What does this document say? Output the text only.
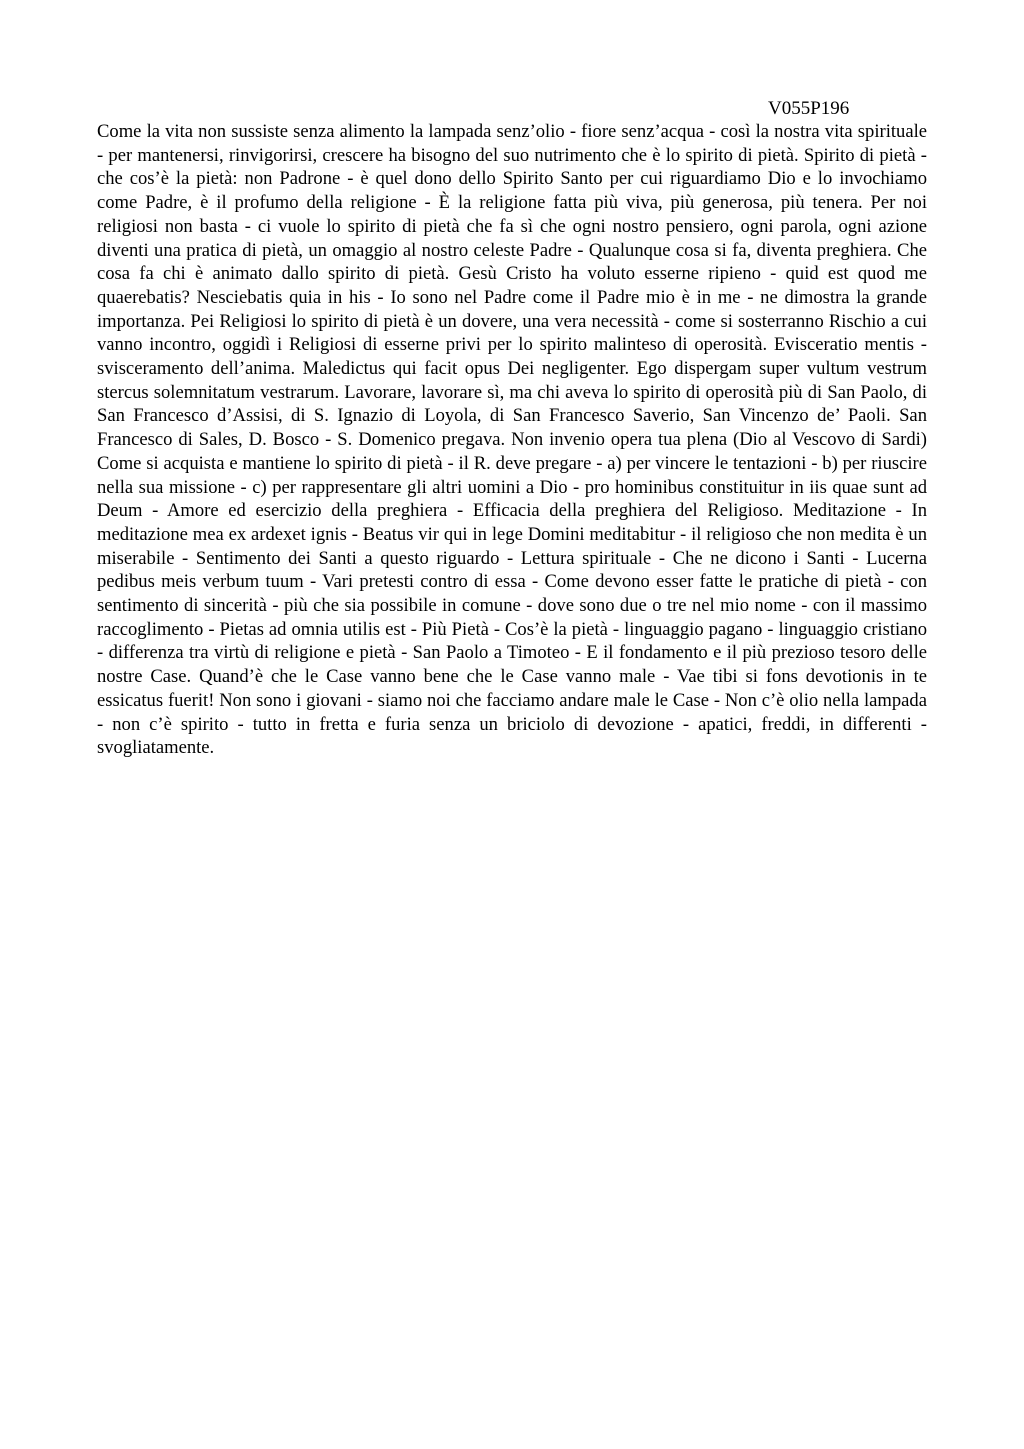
V055P196

Come la vita non sussiste senza alimento la lampada senz’olio - fiore senz’acqua - così la nostra vita spirituale - per mantenersi, rinvigorirsi, crescere ha bisogno del suo nutrimento che è lo spirito di pietà. Spirito di pietà - che cos’è la pietà: non Padrone - è quel dono dello Spirito Santo per cui riguardiamo Dio e lo invochiamo come Padre, è il profumo della religione - È la religione fatta più viva, più generosa, più tenera. Per noi religiosi non basta - ci vuole lo spirito di pietà che fa sì che ogni nostro pensiero, ogni parola, ogni azione diventi una pratica di pietà, un omaggio al nostro celeste Padre - Qualunque cosa si fa, diventa preghiera. Che cosa fa chi è animato dallo spirito di pietà. Gesù Cristo ha voluto esserne ripieno - quid est quod me quaerebatis? Nesciebatis quia in his - Io sono nel Padre come il Padre mio è in me - ne dimostra la grande importanza. Pei Religiosi lo spirito di pietà è un dovere, una vera necessità - come si sosterranno Rischio a cui vanno incontro, oggidì i Religiosi di esserne privi per lo spirito malinteso di operosità. Evisceratio mentis - svisceramento dell’anima. Maledictus qui facit opus Dei negligenter. Ego dispergam super vultum vestrum stercus solemnitatum vestrarum. Lavorare, lavorare sì, ma chi aveva lo spirito di operosità più di San Paolo, di San Francesco d’Assisi, di S. Ignazio di Loyola, di San Francesco Saverio, San Vincenzo de’ Paoli. San Francesco di Sales, D. Bosco - S. Domenico pregava. Non invenio opera tua plena (Dio al Vescovo di Sardi) Come si acquista e mantiene lo spirito di pietà - il R. deve pregare - a) per vincere le tentazioni - b) per riuscire nella sua missione - c) per rappresentare gli altri uomini a Dio - pro hominibus constituitur in iis quae sunt ad Deum - Amore ed esercizio della preghiera - Efficacia della preghiera del Religioso. Meditazione - In meditazione mea ex ardexet ignis - Beatus vir qui in lege Domini meditabitur - il religioso che non medita è un miserabile - Sentimento dei Santi a questo riguardo - Lettura spirituale - Che ne dicono i Santi - Lucerna pedibus meis verbum tuum - Vari pretesti contro di essa - Come devono esser fatte le pratiche di pietà - con sentimento di sincerità - più che sia possibile in comune - dove sono due o tre nel mio nome - con il massimo raccoglimento - Pietas ad omnia utilis est - Più Pietà - Cos’è la pietà - linguaggio pagano - linguaggio cristiano - differenza tra virtù di religione e pietà - San Paolo a Timoteo - E il fondamento e il più prezioso tesoro delle nostre Case. Quand’è che le Case vanno bene che le Case vanno male - Vae tibi si fons devotionis in te essicatus fuerit! Non sono i giovani - siamo noi che facciamo andare male le Case - Non c’è olio nella lampada - non c’è spirito - tutto in fretta e furia senza un briciolo di devozione - apatici, freddi, in differenti - svogliatamente.
